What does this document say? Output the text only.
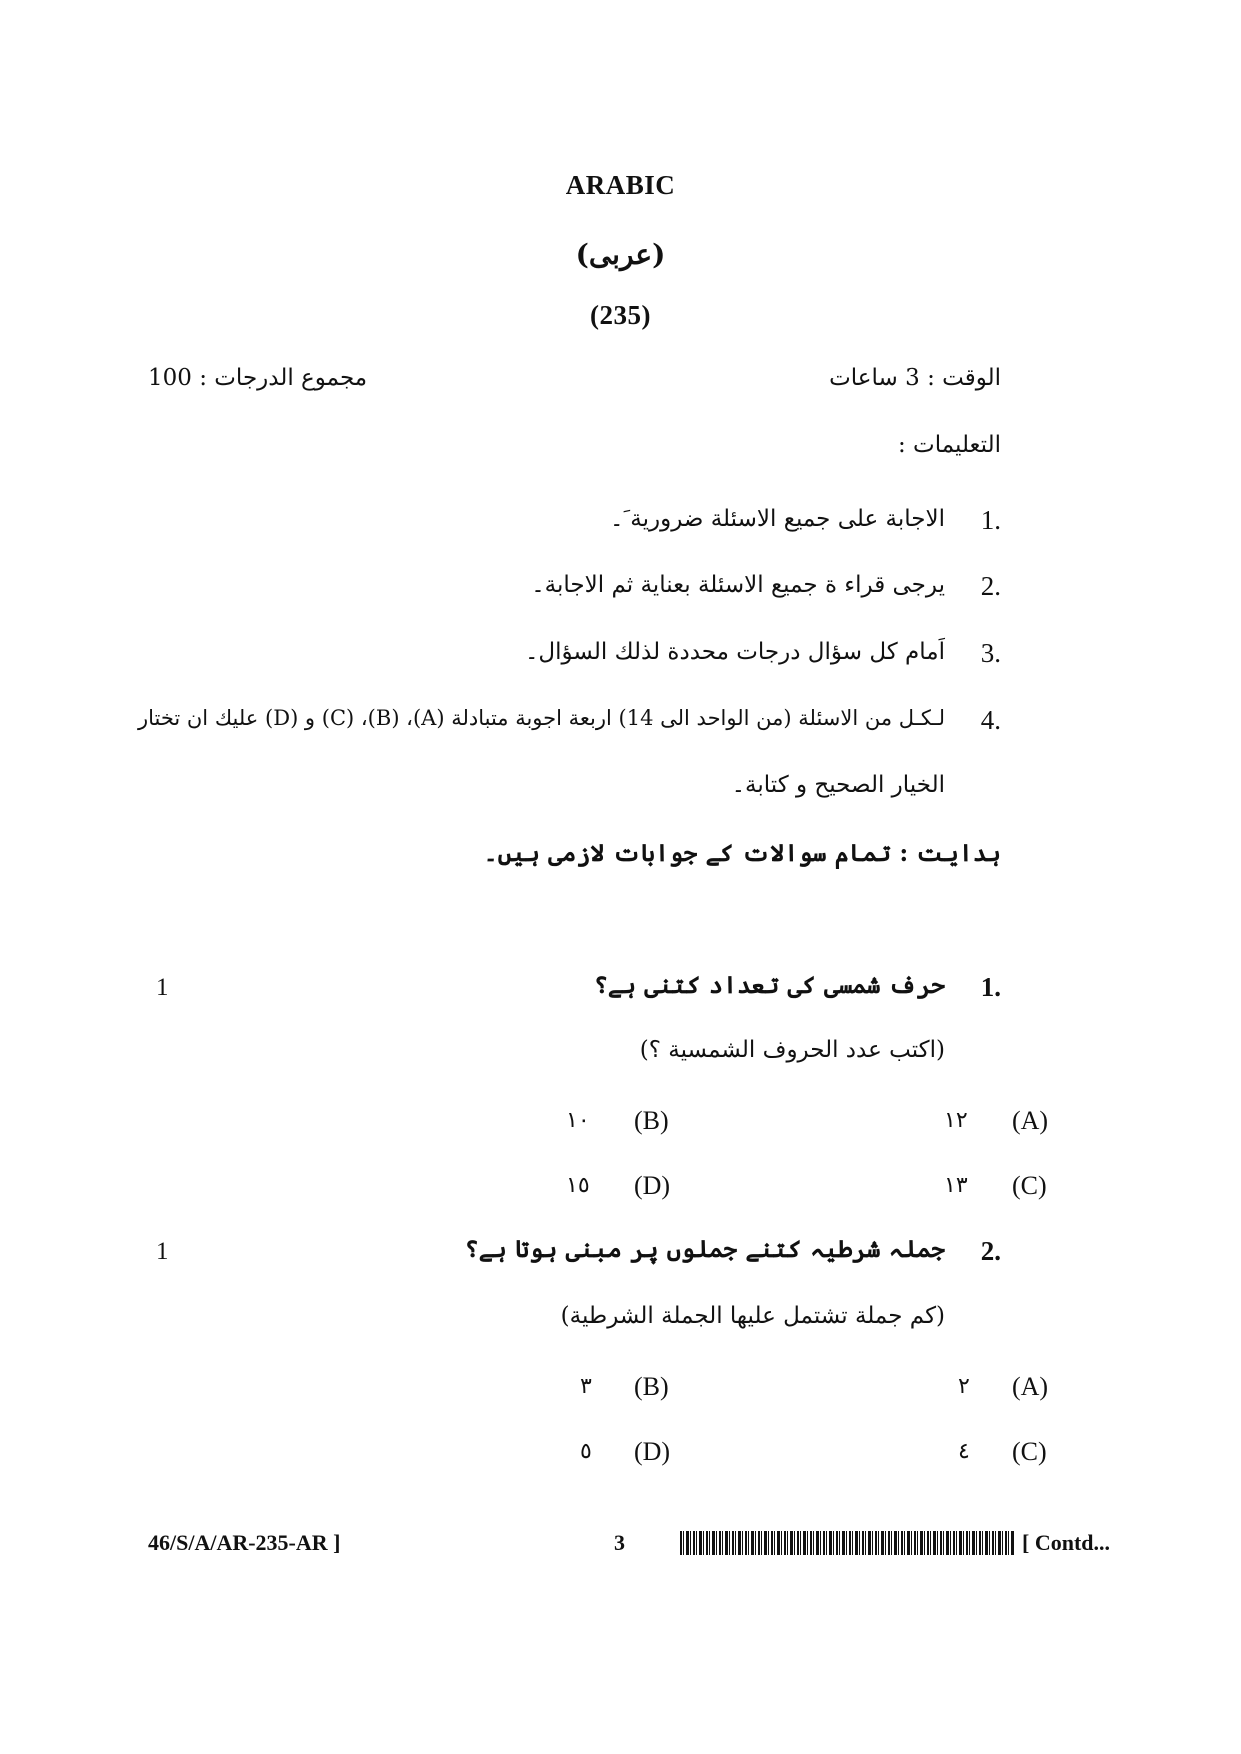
ARABIC
(عربی)
(235)
الوقت : 3 ساعات
مجموع الدرجات : 100
التعليمات :
1.
الاجابة على جميع الاسئلة ضرورية َ۔
2.
يرجى قراء ة جميع الاسئلة بعناية ثم الاجابة۔
3.
اَمام كل سؤال درجات محددة لذلك السؤال۔
4.
لـكـل من الاسئلة (من الواحد الى 14) اربعة اجوبة متبادلة (A)، (B)، (C) و (D) عليك ان تختار
الخيار الصحيح و كتابة۔
ہدایت : تمام سوالات کے جوابات لازمی ہیں۔
1.
حرف شمسی کی تعداد کتنی ہے؟
1
(اكتب عدد الحروف الشمسية ؟)
(A)
١٢
(B)
١٠
(C)
١٣
(D)
١٥
2.
جملہ شرطیہ کتنے جملوں پر مبنی ہوتا ہے؟
1
(كم جملة تشتمل عليها الجملة الشرطية)
(A)
٢
(B)
٣
(C)
٤
(D)
٥
46/S/A/AR-235-AR ]	3	[ Contd...
